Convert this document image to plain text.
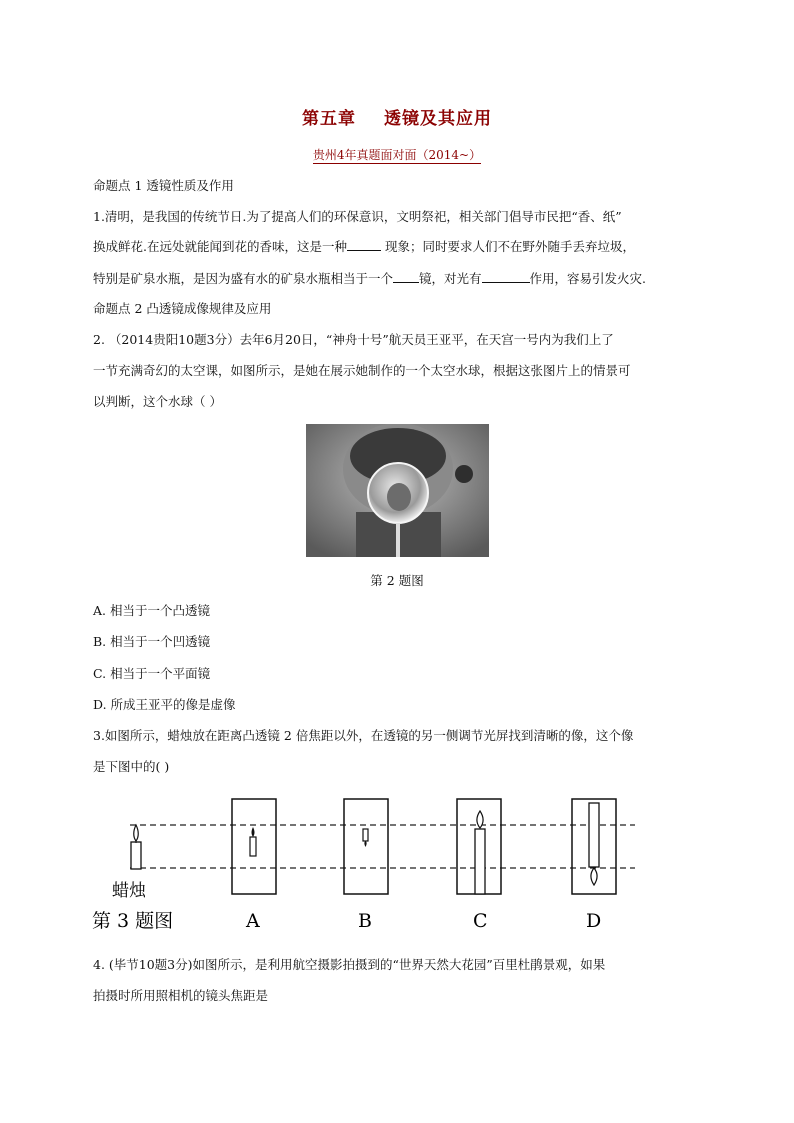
第五章 透镜及其应用
贵州4年真题面对面（2014~）
命题点 1 透镜性质及作用
1.清明，是我国的传统节日.为了提高人们的环保意识，文明祭祀，相关部门倡导市民把“香、纸”
换成鲜花.在远处就能闻到花的香味，这是一种	现象；同时要求人们不在野外随手丢弃垃圾，
特别是矿泉水瓶，是因为盛有水的矿泉水瓶相当于一个 镜，对光有	作用，容易引发火灾.
命题点 2 凸透镜成像规律及应用
2. （2014贵阳10题3分）去年6月20日，“神舟十号”航天员王亚平，在天宫一号内为我们上了
一节充满奇幻的太空课，如图所示，是她在展示她制作的一个太空水球，根据这张图片上的情景可
以判断，这个水球（ ）
第 2 题图
A. 相当于一个凸透镜
B. 相当于一个凹透镜
C. 相当于一个平面镜
D. 所成王亚平的像是虚像
3.如图所示，蜡烛放在距离凸透镜 2 倍焦距以外，在透镜的另一侧调节光屏找到清晰的像，这个像
是下图中的( )
蜡烛
第 3 题图	A	B	C	D
4. (毕节10题3分)如图所示，是利用航空摄影拍摄到的“世界天然大花园”百里杜鹃景观，如果
拍摄时所用照相机的镜头焦距是
